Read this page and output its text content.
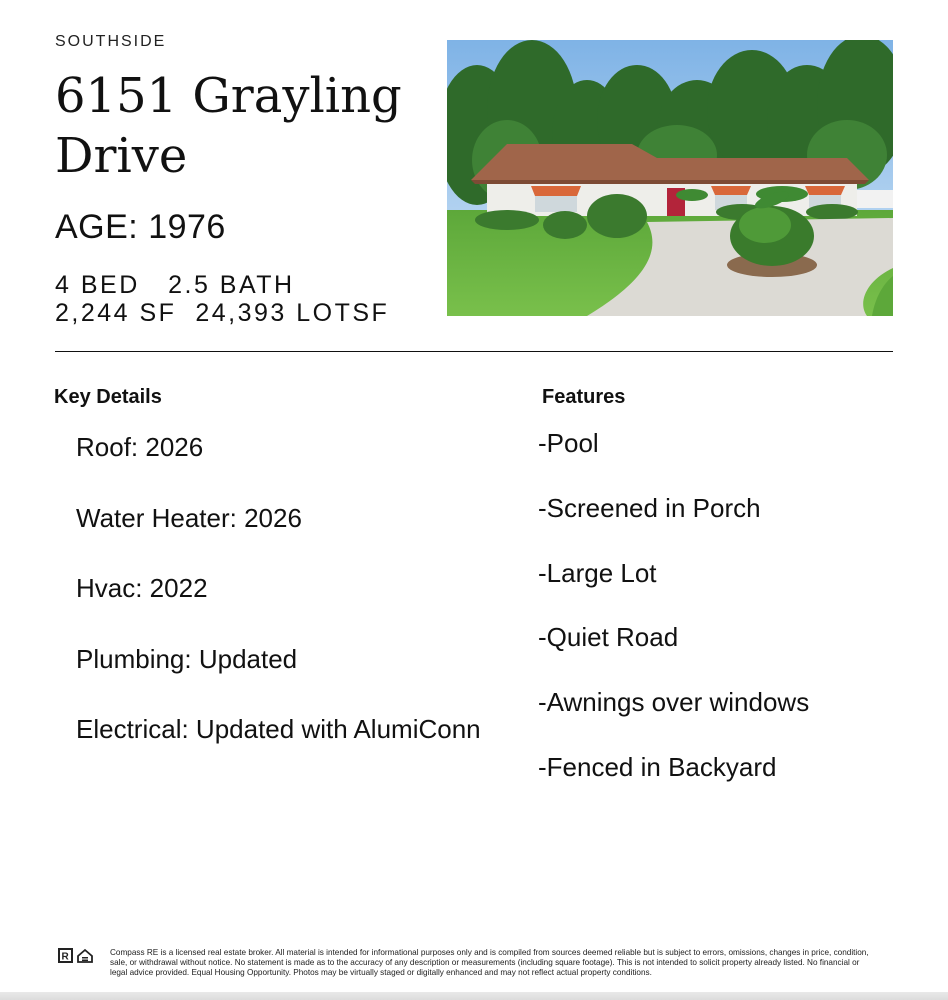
SOUTHSIDE
6151 Grayling
Drive
AGE: 1976
4 BED   2.5 BATH
2,244 SF  24,393 LOTSF
Key Details
Roof: 2026
Water Heater: 2026
Hvac: 2022
Plumbing: Updated
Electrical: Updated with AlumiConn
Features
-Pool
-Screened in Porch
-Large Lot
-Quiet Road
-Awnings over windows
-Fenced in Backyard
R	Compass RE is a licensed real estate broker. All material is intended for informational purposes only and is compiled from sources deemed reliable but is subject to errors, omissions, changes in price, condition, sale, or withdrawal without notice. No statement is made as to the accuracy of any description or measurements (including square footage). This is not intended to solicit property already listed. No financial or legal advice provided. Equal Housing Opportunity. Photos may be virtually staged or digitally enhanced and may not reflect actual property conditions.
